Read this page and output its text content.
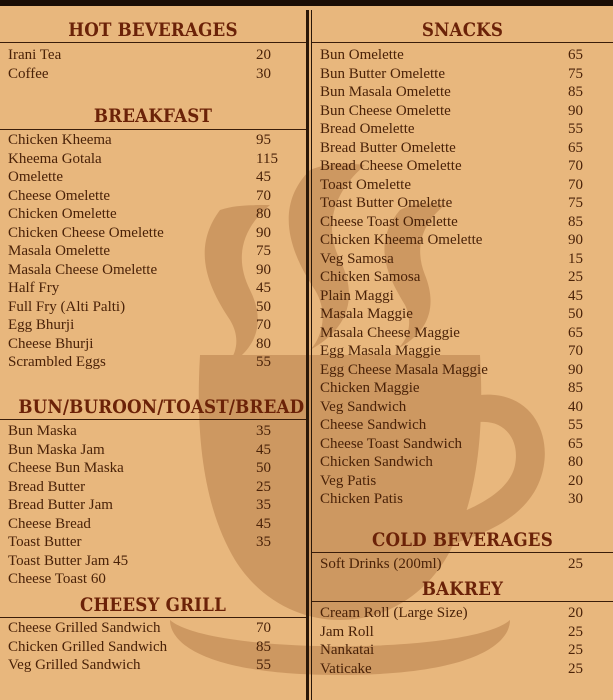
HOT BEVERAGES
Irani Tea	20
Coffee	30
BREAKFAST
Chicken Kheema	95
Kheema Gotala	115
Omelette	45
Cheese Omelette	70
Chicken Omelette	80
Chicken Cheese Omelette	90
Masala Omelette	75
Masala Cheese Omelette	90
Half Fry	45
Full Fry (Alti Palti)	50
Egg Bhurji	70
Cheese Bhurji	80
Scrambled Eggs	55
BUN/BUROON/TOAST/BREAD
Bun Maska	35
Bun Maska Jam	45
Cheese Bun Maska	50
Bread Butter	25
Bread Butter Jam	35
Cheese Bread	45
Toast Butter	35
Toast Butter Jam 45
Cheese Toast 60
CHEESY GRILL
Cheese Grilled Sandwich	70
Chicken Grilled Sandwich	85
Veg Grilled Sandwich	55
SNACKS
Bun Omelette	65
Bun Butter Omelette	75
Bun Masala Omelette	85
Bun Cheese Omelette	90
Bread Omelette	55
Bread Butter Omelette	65
Bread Cheese Omelette	70
Toast Omelette	70
Toast Butter Omelette	75
Cheese Toast Omelette	85
Chicken Kheema Omelette	90
Veg Samosa	15
Chicken Samosa	25
Plain Maggi	45
Masala Maggie	50
Masala Cheese Maggie	65
Egg Masala Maggie	70
Egg Cheese Masala Maggie	90
Chicken Maggie	85
Veg Sandwich	40
Cheese Sandwich	55
Cheese Toast Sandwich	65
Chicken Sandwich	80
Veg Patis	20
Chicken Patis	30
COLD BEVERAGES
Soft Drinks (200ml)	25
BAKREY
Cream Roll (Large Size)	20
Jam Roll	25
Nankatai	25
Vaticake	25
